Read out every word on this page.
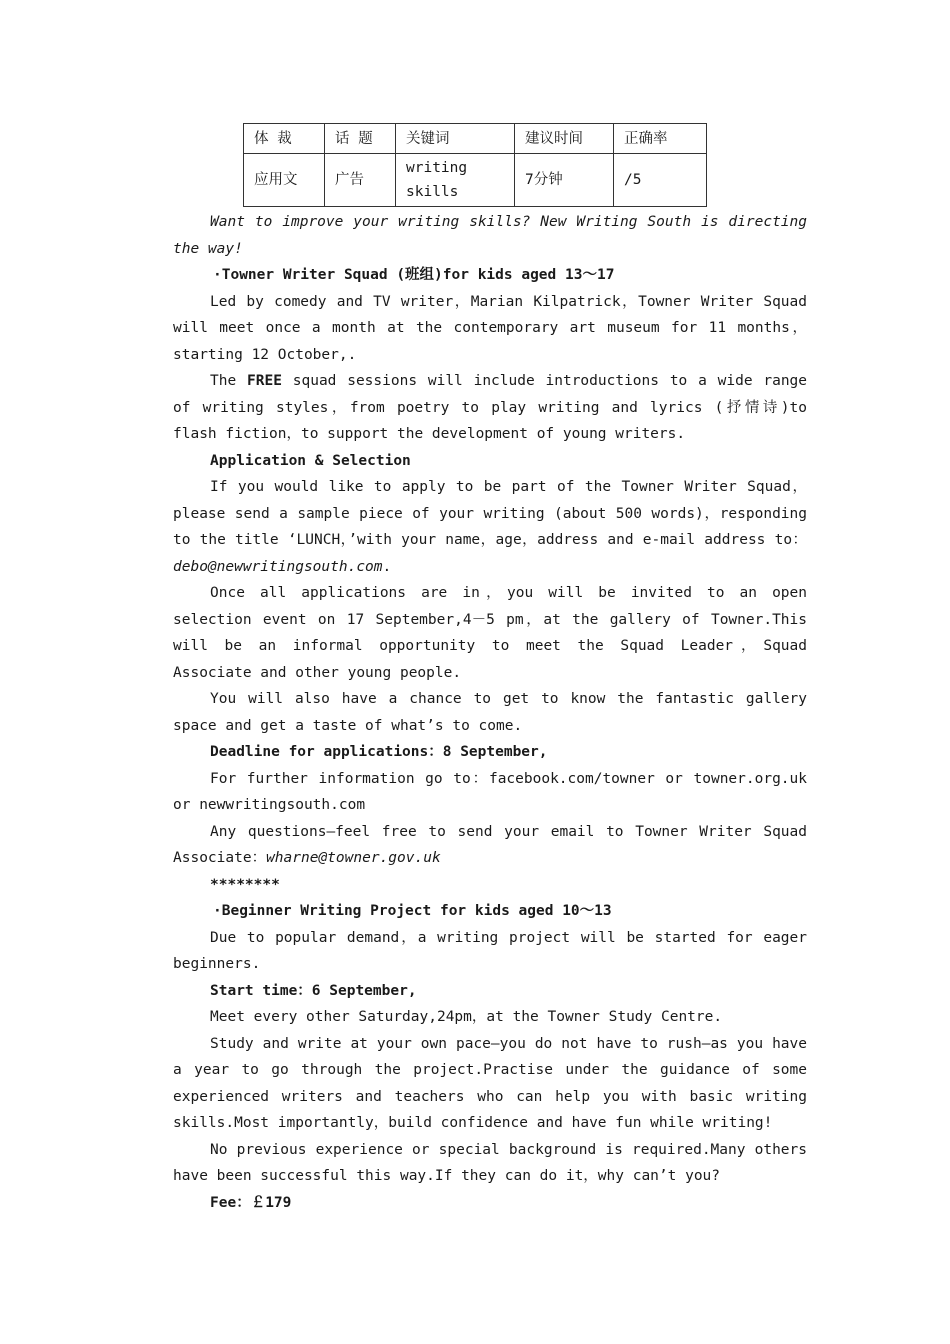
体 裁	话 题	关键词	建议时间	正确率
应用文	广告	writing skills	7分钟	/5

Want to improve your writing skills? New Writing South is directing the way!

·Towner Writer Squad (班组)for kids aged 13～17

Led by comedy and TV writer，Marian Kilpatrick，Towner Writer Squad will meet once a month at the contemporary art museum for 11 months，starting 12 October,.

The FREE squad sessions will include introductions to a wide range of writing styles，from poetry to play writing and lyrics (抒情诗)to flash fiction，to support the development of young writers.

Application & Selection

If you would like to apply to be part of the Towner Writer Squad，please send a sample piece of your writing (about 500 words)，responding to the title ‘LUNCH，’with your name，age，address and e-mail address to：debo@newwritingsouth.com.

Once all applications are in，you will be invited to an open selection event on 17 September,4－5 pm，at the gallery of Towner.This will be an informal opportunity to meet the Squad Leader，Squad Associate and other young people.

You will also have a chance to get to know the fantastic gallery space and get a taste of what’s to come.

Deadline for applications：8 September,

For further information go to：facebook.com/towner or towner.org.uk or newwritingsouth.com

Any questions—feel free to send your email to Towner Writer Squad Associate：wharne@towner.gov.uk

********

·Beginner Writing Project for kids aged 10～13

Due to popular demand，a writing project will be started for eager beginners.

Start time：6 September,

Meet every other Saturday,24pm，at the Towner Study Centre.

Study and write at your own pace—you do not have to rush—as you have a year to go through the project.Practise under the guidance of some experienced writers and teachers who can help you with basic writing skills.Most importantly，build confidence and have fun while writing!

No previous experience or special background is required.Many others have been successful this way.If they can do it，why can’t you?

Fee：￡179
